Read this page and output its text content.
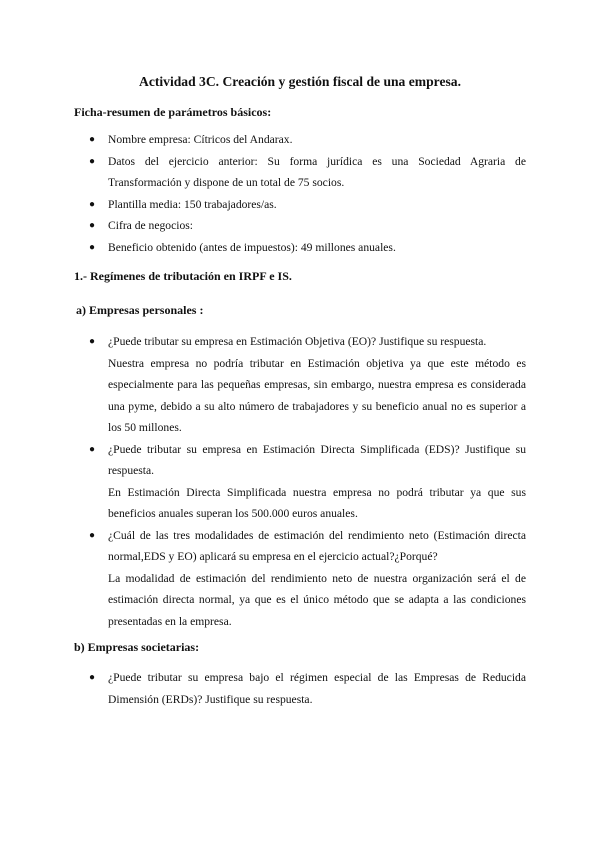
Actividad 3C. Creación y gestión fiscal de una empresa.
Ficha-resumen de parámetros básicos:
● Nombre empresa: Cítricos del Andarax.
● Datos del ejercicio anterior: Su forma jurídica es una Sociedad Agraria de Transformación y dispone de un total de 75 socios.
● Plantilla media: 150 trabajadores/as.
● Cifra de negocios:
● Beneficio obtenido (antes de impuestos): 49 millones anuales.
1.- Regímenes de tributación en IRPF e IS.
a) Empresas personales :
● ¿Puede tributar su empresa en Estimación Objetiva (EO)? Justifique su respuesta.

Nuestra empresa no podría tributar en Estimación objetiva ya que este método es especialmente para las pequeñas empresas, sin embargo, nuestra empresa es considerada una pyme, debido a su alto número de trabajadores y su beneficio anual no es superior a los 50 millones.

● ¿Puede tributar su empresa en Estimación Directa Simplificada (EDS)? Justifique su respuesta.

En Estimación Directa Simplificada nuestra empresa no podrá tributar ya que sus beneficios anuales superan los 500.000 euros anuales.

● ¿Cuál de las tres modalidades de estimación del rendimiento neto (Estimación directa normal,EDS y EO) aplicará su empresa en el ejercicio actual?¿Porqué?

La modalidad de estimación del rendimiento neto de nuestra organización será el de estimación directa normal, ya que es el único método que se adapta a las condiciones presentadas en la empresa.

b) Empresas societarias:
● ¿Puede tributar su empresa bajo el régimen especial de las Empresas de Reducida Dimensión (ERDs)? Justifique su respuesta.
